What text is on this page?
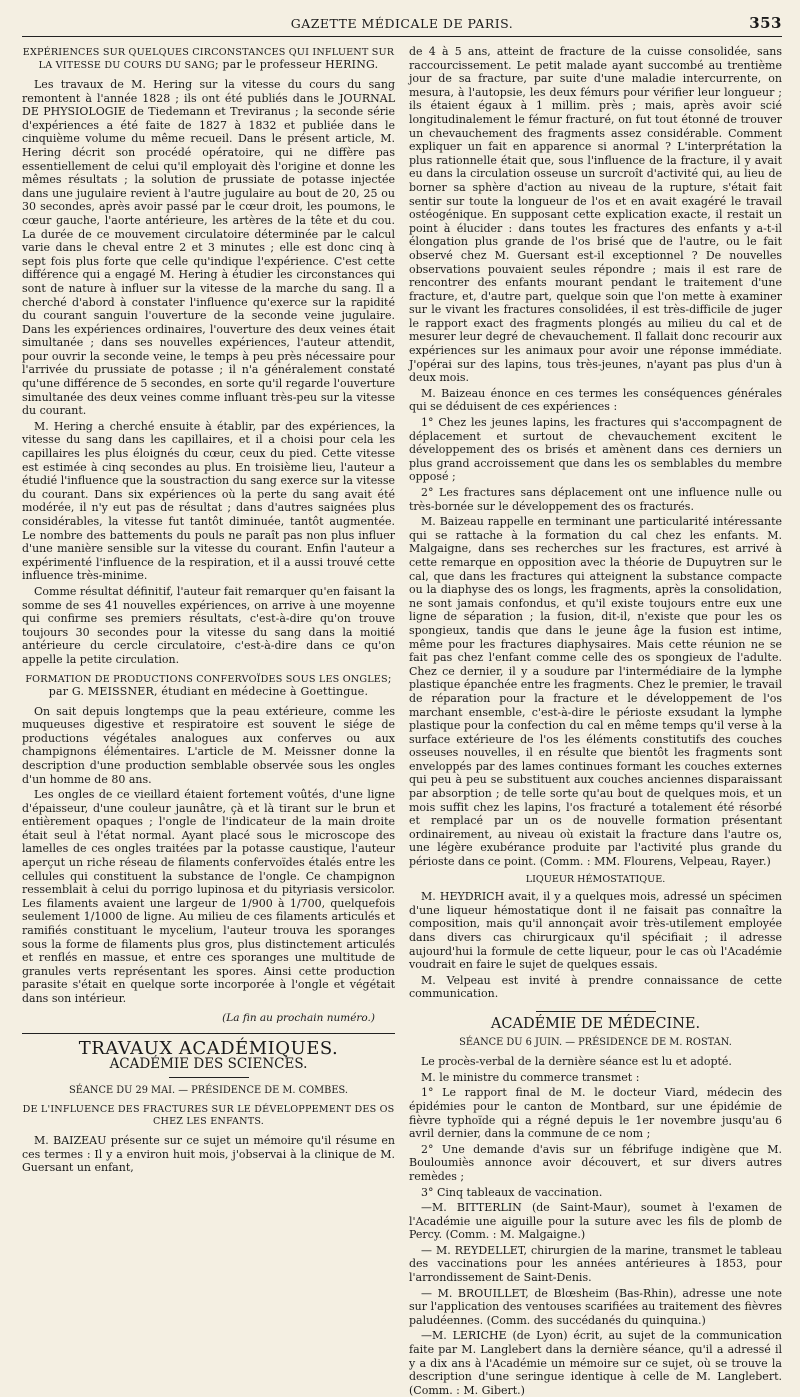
GAZETTE MÉDICALE DE PARIS.	353
EXPÉRIENCES SUR QUELQUES CIRCONSTANCES QUI INFLUENT SUR LA VITESSE DU COURS DU SANG; par le professeur HERING.

Les travaux de M. Hering sur la vitesse du cours du sang remontent à l'année 1828 ; ils ont été publiés dans le JOURNAL DE PHYSIOLOGIE de Tiedemann et Treviranus ; la seconde série d'expériences a été faite de 1827 à 1832 et publiée dans le cinquième volume du même recueil. Dans le présent article, M. Hering décrit son procédé opératoire, qui ne diffère pas essentiellement de celui qu'il employait dès l'origine et donne les mêmes résultats ; la solution de prussiate de potasse injectée dans une jugulaire revient à l'autre jugulaire au bout de 20, 25 ou 30 secondes, après avoir passé par le cœur droit, les poumons, le cœur gauche, l'aorte antérieure, les artères de la tête et du cou. La durée de ce mouvement circulatoire déterminée par le calcul varie dans le cheval entre 2 et 3 minutes ; elle est donc cinq à sept fois plus forte que celle qu'indique l'expérience. C'est cette différence qui a engagé M. Hering à étudier les circonstances qui sont de nature à influer sur la vitesse de la marche du sang. Il a cherché d'abord à constater l'influence qu'exerce sur la rapidité du courant sanguin l'ouverture de la seconde veine jugulaire. Dans les expériences ordinaires, l'ouverture des deux veines était simultanée ; dans ses nouvelles expériences, l'auteur attendit, pour ouvrir la seconde veine, le temps à peu près nécessaire pour l'arrivée du prussiate de potasse ; il n'a généralement constaté qu'une différence de 5 secondes, en sorte qu'il regarde l'ouverture simultanée des deux veines comme influant très-peu sur la vitesse du courant.

M. Hering a cherché ensuite à établir, par des expériences, la vitesse du sang dans les capillaires, et il a choisi pour cela les capillaires les plus éloignés du cœur, ceux du pied. Cette vitesse est estimée à cinq secondes au plus. En troisième lieu, l'auteur a étudié l'influence que la soustraction du sang exerce sur la vitesse du courant. Dans six expériences où la perte du sang avait été modérée, il n'y eut pas de résultat ; dans d'autres saignées plus considérables, la vitesse fut tantôt diminuée, tantôt augmentée. Le nombre des battements du pouls ne paraît pas non plus influer d'une manière sensible sur la vitesse du courant. Enfin l'auteur a expérimenté l'influence de la respiration, et il a aussi trouvé cette influence très-minime.

Comme résultat définitif, l'auteur fait remarquer qu'en faisant la somme de ses 41 nouvelles expériences, on arrive à une moyenne qui confirme ses premiers résultats, c'est-à-dire qu'on trouve toujours 30 secondes pour la vitesse du sang dans la moitié antérieure du cercle circulatoire, c'est-à-dire dans ce qu'on appelle la petite circulation.

FORMATION DE PRODUCTIONS CONFERVOÏDES SOUS LES ONGLES; par G. MEISSNER, étudiant en médecine à Goettingue.

On sait depuis longtemps que la peau extérieure, comme les muqueuses digestive et respiratoire est souvent le siége de productions végétales analogues aux conferves ou aux champignons élémentaires. L'article de M. Meissner donne la description d'une production semblable observée sous les ongles d'un homme de 80 ans.

Les ongles de ce vieillard étaient fortement voûtés, d'une ligne d'épaisseur, d'une couleur jaunâtre, çà et là tirant sur le brun et entièrement opaques ; l'ongle de l'indicateur de la main droite était seul à l'état normal. Ayant placé sous le microscope des lamelles de ces ongles traitées par la potasse caustique, l'auteur aperçut un riche réseau de filaments confervoïdes étalés entre les cellules qui constituent la substance de l'ongle. Ce champignon ressemblait à celui du porrigo lupinosa et du pityriasis versicolor. Les filaments avaient une largeur de 1/900 à 1/700, quelquefois seulement 1/1000 de ligne. Au milieu de ces filaments articulés et ramifiés constituant le mycelium, l'auteur trouva les sporanges sous la forme de filaments plus gros, plus distinctement articulés et renflés en massue, et entre ces sporanges une multitude de granules verts représentant les spores. Ainsi cette production parasite s'était en quelque sorte incorporée à l'ongle et végétait dans son intérieur.

(La fin au prochain numéro.)
TRAVAUX ACADÉMIQUES.
ACADÉMIE DES SCIENCES.
SÉANCE DU 29 MAI. — PRÉSIDENCE DE M. COMBES.
DE L'INFLUENCE DES FRACTURES SUR LE DÉVELOPPEMENT DES OS CHEZ LES ENFANTS.

M. BAIZEAU présente sur ce sujet un mémoire qu'il résume en ces termes : Il y a environ huit mois, j'observai à la clinique de M. Guersant un enfant,

de 4 à 5 ans, atteint de fracture de la cuisse consolidée, sans raccourcissement. Le petit malade ayant succombé au trentième jour de sa fracture, par suite d'une maladie intercurrente, on mesura, à l'autopsie, les deux fémurs pour vérifier leur longueur ; ils étaient égaux à 1 millim. près ; mais, après avoir scié longitudinalement le fémur fracturé, on fut tout étonné de trouver un chevauchement des fragments assez considérable. Comment expliquer un fait en apparence si anormal ? L'interprétation la plus rationnelle était que, sous l'influence de la fracture, il y avait eu dans la circulation osseuse un surcroît d'activité qui, au lieu de borner sa sphère d'action au niveau de la rupture, s'était fait sentir sur toute la longueur de l'os et en avait exagéré le travail ostéogénique. En supposant cette explication exacte, il restait un point à élucider : dans toutes les fractures des enfants y a-t-il élongation plus grande de l'os brisé que de l'autre, ou le fait observé chez M. Guersant est-il exceptionnel ? De nouvelles observations pouvaient seules répondre ; mais il est rare de rencontrer des enfants mourant pendant le traitement d'une fracture, et, d'autre part, quelque soin que l'on mette à examiner sur le vivant les fractures consolidées, il est très-difficile de juger le rapport exact des fragments plongés au milieu du cal et de mesurer leur degré de chevauchement. Il fallait donc recourir aux expériences sur les animaux pour avoir une réponse immédiate. J'opérai sur des lapins, tous très-jeunes, n'ayant pas plus d'un à deux mois.

M. Baizeau énonce en ces termes les conséquences générales qui se déduisent de ces expériences :

1° Chez les jeunes lapins, les fractures qui s'accompagnent de déplacement et surtout de chevauchement excitent le développement des os brisés et amènent dans ces derniers un plus grand accroissement que dans les os semblables du membre opposé ;

2° Les fractures sans déplacement ont une influence nulle ou très-bornée sur le développement des os fracturés.

M. Baizeau rappelle en terminant une particularité intéressante qui se rattache à la formation du cal chez les enfants. M. Malgaigne, dans ses recherches sur les fractures, est arrivé à cette remarque en opposition avec la théorie de Dupuytren sur le cal, que dans les fractures qui atteignent la substance compacte ou la diaphyse des os longs, les fragments, après la consolidation, ne sont jamais confondus, et qu'il existe toujours entre eux une ligne de séparation ; la fusion, dit-il, n'existe que pour les os spongieux, tandis que dans le jeune âge la fusion est intime, même pour les fractures diaphysaires. Mais cette réunion ne se fait pas chez l'enfant comme celle des os spongieux de l'adulte. Chez ce dernier, il y a soudure par l'intermédiaire de la lymphe plastique épanchée entre les fragments. Chez le premier, le travail de réparation pour la fracture et le développement de l'os marchant ensemble, c'est-à-dire le périoste exsudant la lymphe plastique pour la confection du cal en même temps qu'il verse à la surface extérieure de l'os les éléments constitutifs des couches osseuses nouvelles, il en résulte que bientôt les fragments sont enveloppés par des lames continues formant les couches externes qui peu à peu se substituent aux couches anciennes disparaissant par absorption ; de telle sorte qu'au bout de quelques mois, et un mois suffit chez les lapins, l'os fracturé a totalement été résorbé et remplacé par un os de nouvelle formation présentant ordinairement, au niveau où existait la fracture dans l'autre os, une légère exubérance produite par l'activité plus grande du périoste dans ce point. (Comm. : MM. Flourens, Velpeau, Rayer.)

LIQUEUR HÉMOSTATIQUE.

M. HEYDRICH avait, il y a quelques mois, adressé un spécimen d'une liqueur hémostatique dont il ne faisait pas connaître la composition, mais qu'il annonçait avoir très-utilement employée dans divers cas chirurgicaux qu'il spécifiait ; il adresse aujourd'hui la formule de cette liqueur, pour le cas où l'Académie voudrait en faire le sujet de quelques essais.

M. Velpeau est invité à prendre connaissance de cette communication.

ACADÉMIE DE MÉDECINE.
SÉANCE DU 6 JUIN. — PRÉSIDENCE DE M. ROSTAN.

Le procès-verbal de la dernière séance est lu et adopté.

M. le ministre du commerce transmet :

1° Le rapport final de M. le docteur Viard, médecin des épidémies pour le canton de Montbard, sur une épidémie de fièvre typhoïde qui a régné depuis le 1er novembre jusqu'au 6 avril dernier, dans la commune de ce nom ;

2° Une demande d'avis sur un fébrifuge indigène que M. Bouloumiès annonce avoir découvert, et sur divers autres remèdes ;

3° Cinq tableaux de vaccination.

—M. BITTERLIN (de Saint-Maur), soumet à l'examen de l'Académie une aiguille pour la suture avec les fils de plomb de Percy. (Comm. : M. Malgaigne.)

— M. REYDELLET, chirurgien de la marine, transmet le tableau des vaccinations pour les années antérieures à 1853, pour l'arrondissement de Saint-Denis.

— M. BROUILLET, de Blœsheim (Bas-Rhin), adresse une note sur l'application des ventouses scarifiées au traitement des fièvres paludéennes. (Comm. des succédanés du quinquina.)

—M. LERICHE (de Lyon) écrit, au sujet de la communication faite par M. Langlebert dans la dernière séance, qu'il a adressé il y a dix ans à l'Académie un mémoire sur ce sujet, où se trouve la description d'une seringue identique à celle de M. Langlebert. (Comm. : M. Gibert.)
